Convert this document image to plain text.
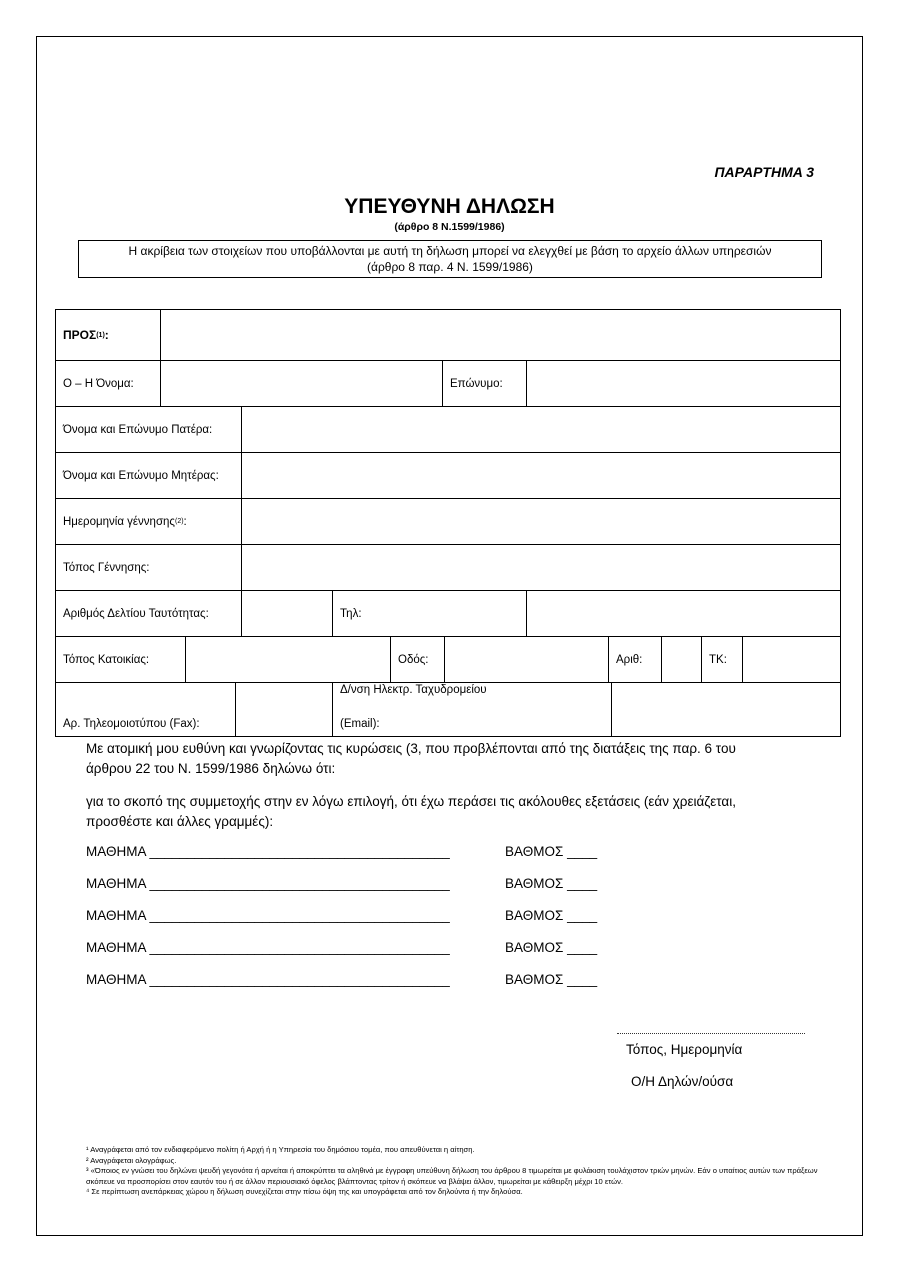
ΠΑΡΑΡΤΗΜΑ 3
ΥΠΕΥΘΥΝΗ ΔΗΛΩΣΗ
(άρθρο 8 Ν.1599/1986)
Η ακρίβεια των στοιχείων που υποβάλλονται με αυτή τη δήλωση μπορεί να ελεγχθεί με βάση το αρχείο άλλων υπηρεσιών
(άρθρο 8 παρ. 4 Ν. 1599/1986)
ΠΡΟΣ (1) :
Ο – Η Όνομα:	Επώνυμο:
Όνομα και Επώνυμο Πατέρα:
Όνομα και Επώνυμο Μητέρας:
Ημερομηνία γέννησης (2) :
Τόπος Γέννησης:
Αριθμός Δελτίου Ταυτότητας:	Τηλ:
Τόπος Κατοικίας:	Οδός:	Αριθ:	ΤΚ:
Αρ. Τηλεομοιοτύπου (Fax):
Δ/νση Ηλεκτρ. Ταχυδρομείου
(Email):
Με ατομική μου ευθύνη και γνωρίζοντας τις κυρώσεις (3, που προβλέπονται από της διατάξεις της παρ. 6 του
άρθρου 22 του Ν. 1599/1986 δηλώνω ότι:
για το σκοπό της συμμετοχής στην εν λόγω επιλογή, ότι έχω περάσει τις ακόλουθες εξετάσεις (εάν χρειάζεται,
προσθέστε και άλλες γραμμές):
ΜΑΘΗΜΑ ________________________________________	ΒΑΘΜΟΣ ____
ΜΑΘΗΜΑ ________________________________________	ΒΑΘΜΟΣ ____
ΜΑΘΗΜΑ ________________________________________	ΒΑΘΜΟΣ ____
ΜΑΘΗΜΑ ________________________________________	ΒΑΘΜΟΣ ____
ΜΑΘΗΜΑ ________________________________________	ΒΑΘΜΟΣ ____
Τόπος, Ημερομηνία
Ο/Η Δηλών/ούσα

¹ Αναγράφεται από τον ενδιαφερόμενο πολίτη ή Αρχή ή η Υπηρεσία του δημόσιου τομέα, που απευθύνεται η αίτηση.

² Αναγράφεται ολογράφως.

³ «Όποιος εν γνώσει του δηλώνει ψευδή γεγονότα ή αρνείται ή αποκρύπτει τα αληθινά με έγγραφη υπεύθυνη δήλωση του άρθρου 8 τιμωρείται με φυλάκιση τουλάχιστον τριών μηνών. Εάν ο υπαίτιος αυτών των πράξεων σκόπευε να προσπορίσει στον εαυτόν του ή σε άλλον περιουσιακό όφελος βλάπτοντας τρίτον ή σκόπευε να βλάψει άλλον, τιμωρείται με κάθειρξη μέχρι 10 ετών.

⁴ Σε περίπτωση ανεπάρκειας χώρου η δήλωση συνεχίζεται στην πίσω όψη της και υπογράφεται από τον δηλούντα ή την δηλούσα.
